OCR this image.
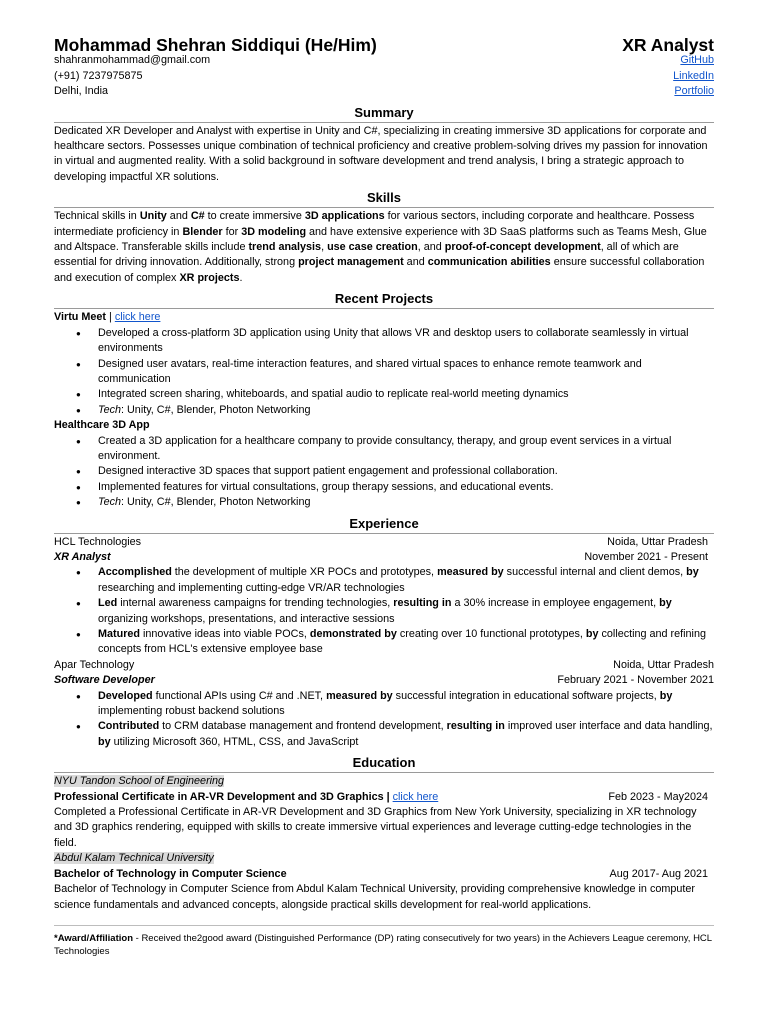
Mohammad Shehran Siddiqui (He/Him)
shahranmohammad@gmail.com
(+91) 7237975875
Delhi, India
XR Analyst
GitHub
LinkedIn
Portfolio
Summary

Dedicated XR Developer and Analyst with expertise in Unity and C#, specializing in creating immersive 3D applications for corporate and healthcare sectors. Possesses unique combination of technical proficiency and creative problem-solving drives my passion for innovation in virtual and augmented reality. With a solid background in software development and trend analysis, I bring a strategic approach to developing impactful XR solutions.

Skills

Technical skills in Unity and C# to create immersive 3D applications for various sectors, including corporate and healthcare. Possess intermediate proficiency in Blender for 3D modeling and have extensive experience with 3D SaaS platforms such as Teams Mesh, Glue and Altspace. Transferable skills include trend analysis, use case creation, and proof-of-concept development, all of which are essential for driving innovation. Additionally, strong project management and communication abilities ensure successful collaboration and execution of complex XR projects.

Recent Projects
Virtu Meet | click here
● Developed a cross-platform 3D application using Unity that allows VR and desktop users to collaborate seamlessly in virtual environments
● Designed user avatars, real-time interaction features, and shared virtual spaces to enhance remote teamwork and communication
● Integrated screen sharing, whiteboards, and spatial audio to replicate real-world meeting dynamics
● Tech: Unity, C#, Blender, Photon Networking
Healthcare 3D App
● Created a 3D application for a healthcare company to provide consultancy, therapy, and group event services in a virtual environment.
● Designed interactive 3D spaces that support patient engagement and professional collaboration.
● Implemented features for virtual consultations, group therapy sessions, and educational events.
● Tech: Unity, C#, Blender, Photon Networking
Experience
HCL Technologies	Noida, Uttar Pradesh
XR Analyst	November 2021 - Present
● Accomplished the development of multiple XR POCs and prototypes, measured by successful internal and client demos, by researching and implementing cutting-edge VR/AR technologies
● Led internal awareness campaigns for trending technologies, resulting in a 30% increase in employee engagement, by organizing workshops, presentations, and interactive sessions
● Matured innovative ideas into viable POCs, demonstrated by creating over 10 functional prototypes, by collecting and refining concepts from HCL's extensive employee base
Apar Technology	Noida, Uttar Pradesh
Software Developer	February 2021 - November 2021
● Developed functional APIs using C# and .NET, measured by successful integration in educational software projects, by implementing robust backend solutions
● Contributed to CRM database management and frontend development, resulting in improved user interface and data handling, by utilizing Microsoft 360, HTML, CSS, and JavaScript
Education
NYU Tandon School of Engineering
Professional Certificate in AR-VR Development and 3D Graphics | click here	Feb 2023 - May2024

Completed a Professional Certificate in AR-VR Development and 3D Graphics from New York University, specializing in XR technology and 3D graphics rendering, equipped with skills to create immersive virtual experiences and leverage cutting-edge technologies in the field.

Abdul Kalam Technical University
Bachelor of Technology in Computer Science	Aug 2017- Aug 2021

Bachelor of Technology in Computer Science from Abdul Kalam Technical University, providing comprehensive knowledge in computer science fundamentals and advanced concepts, alongside practical skills development for real-world applications.

*Award/Affiliation - Received the2good award (Distinguished Performance (DP) rating consecutively for two years) in the Achievers League ceremony, HCL Technologies
